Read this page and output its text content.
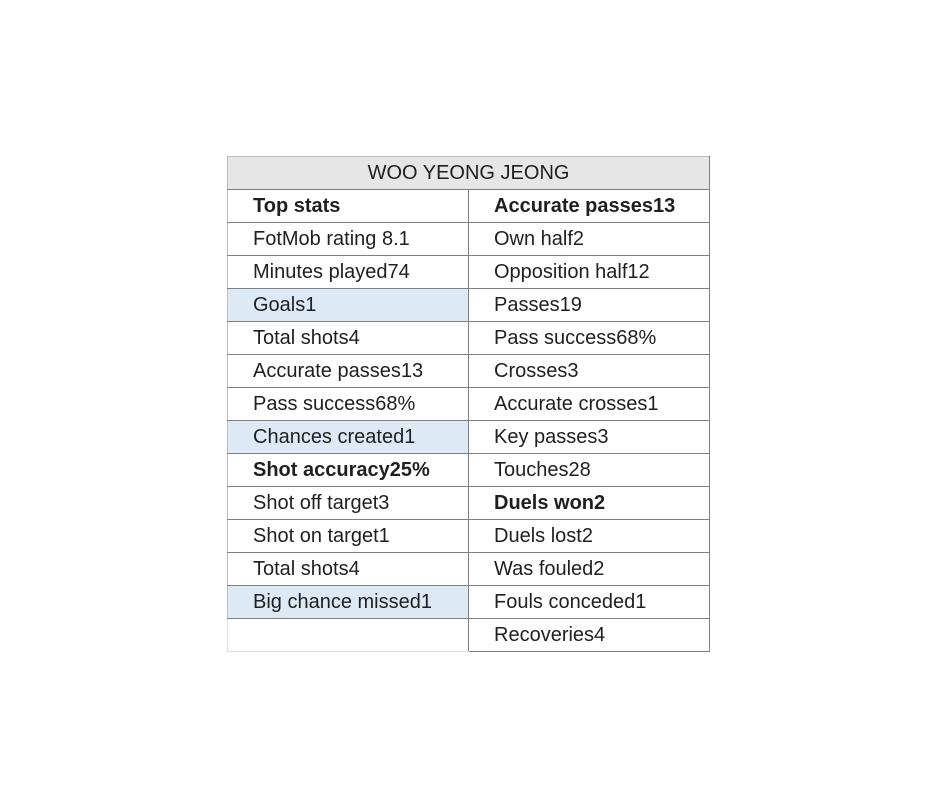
WOO YEONG JEONG	
Top stats	Accurate passes13
FotMob rating 8.1	Own half2
Minutes played74	Opposition half12
Goals1	Passes19
Total shots4	Pass success68%
Accurate passes13	Crosses3
Pass success68%	Accurate crosses1
Chances created1	Key passes3
Shot accuracy25%	Touches28
Shot off target3	Duels won2
Shot on target1	Duels lost2
Total shots4	Was fouled2
Big chance missed1	Fouls conceded1
	Recoveries4
